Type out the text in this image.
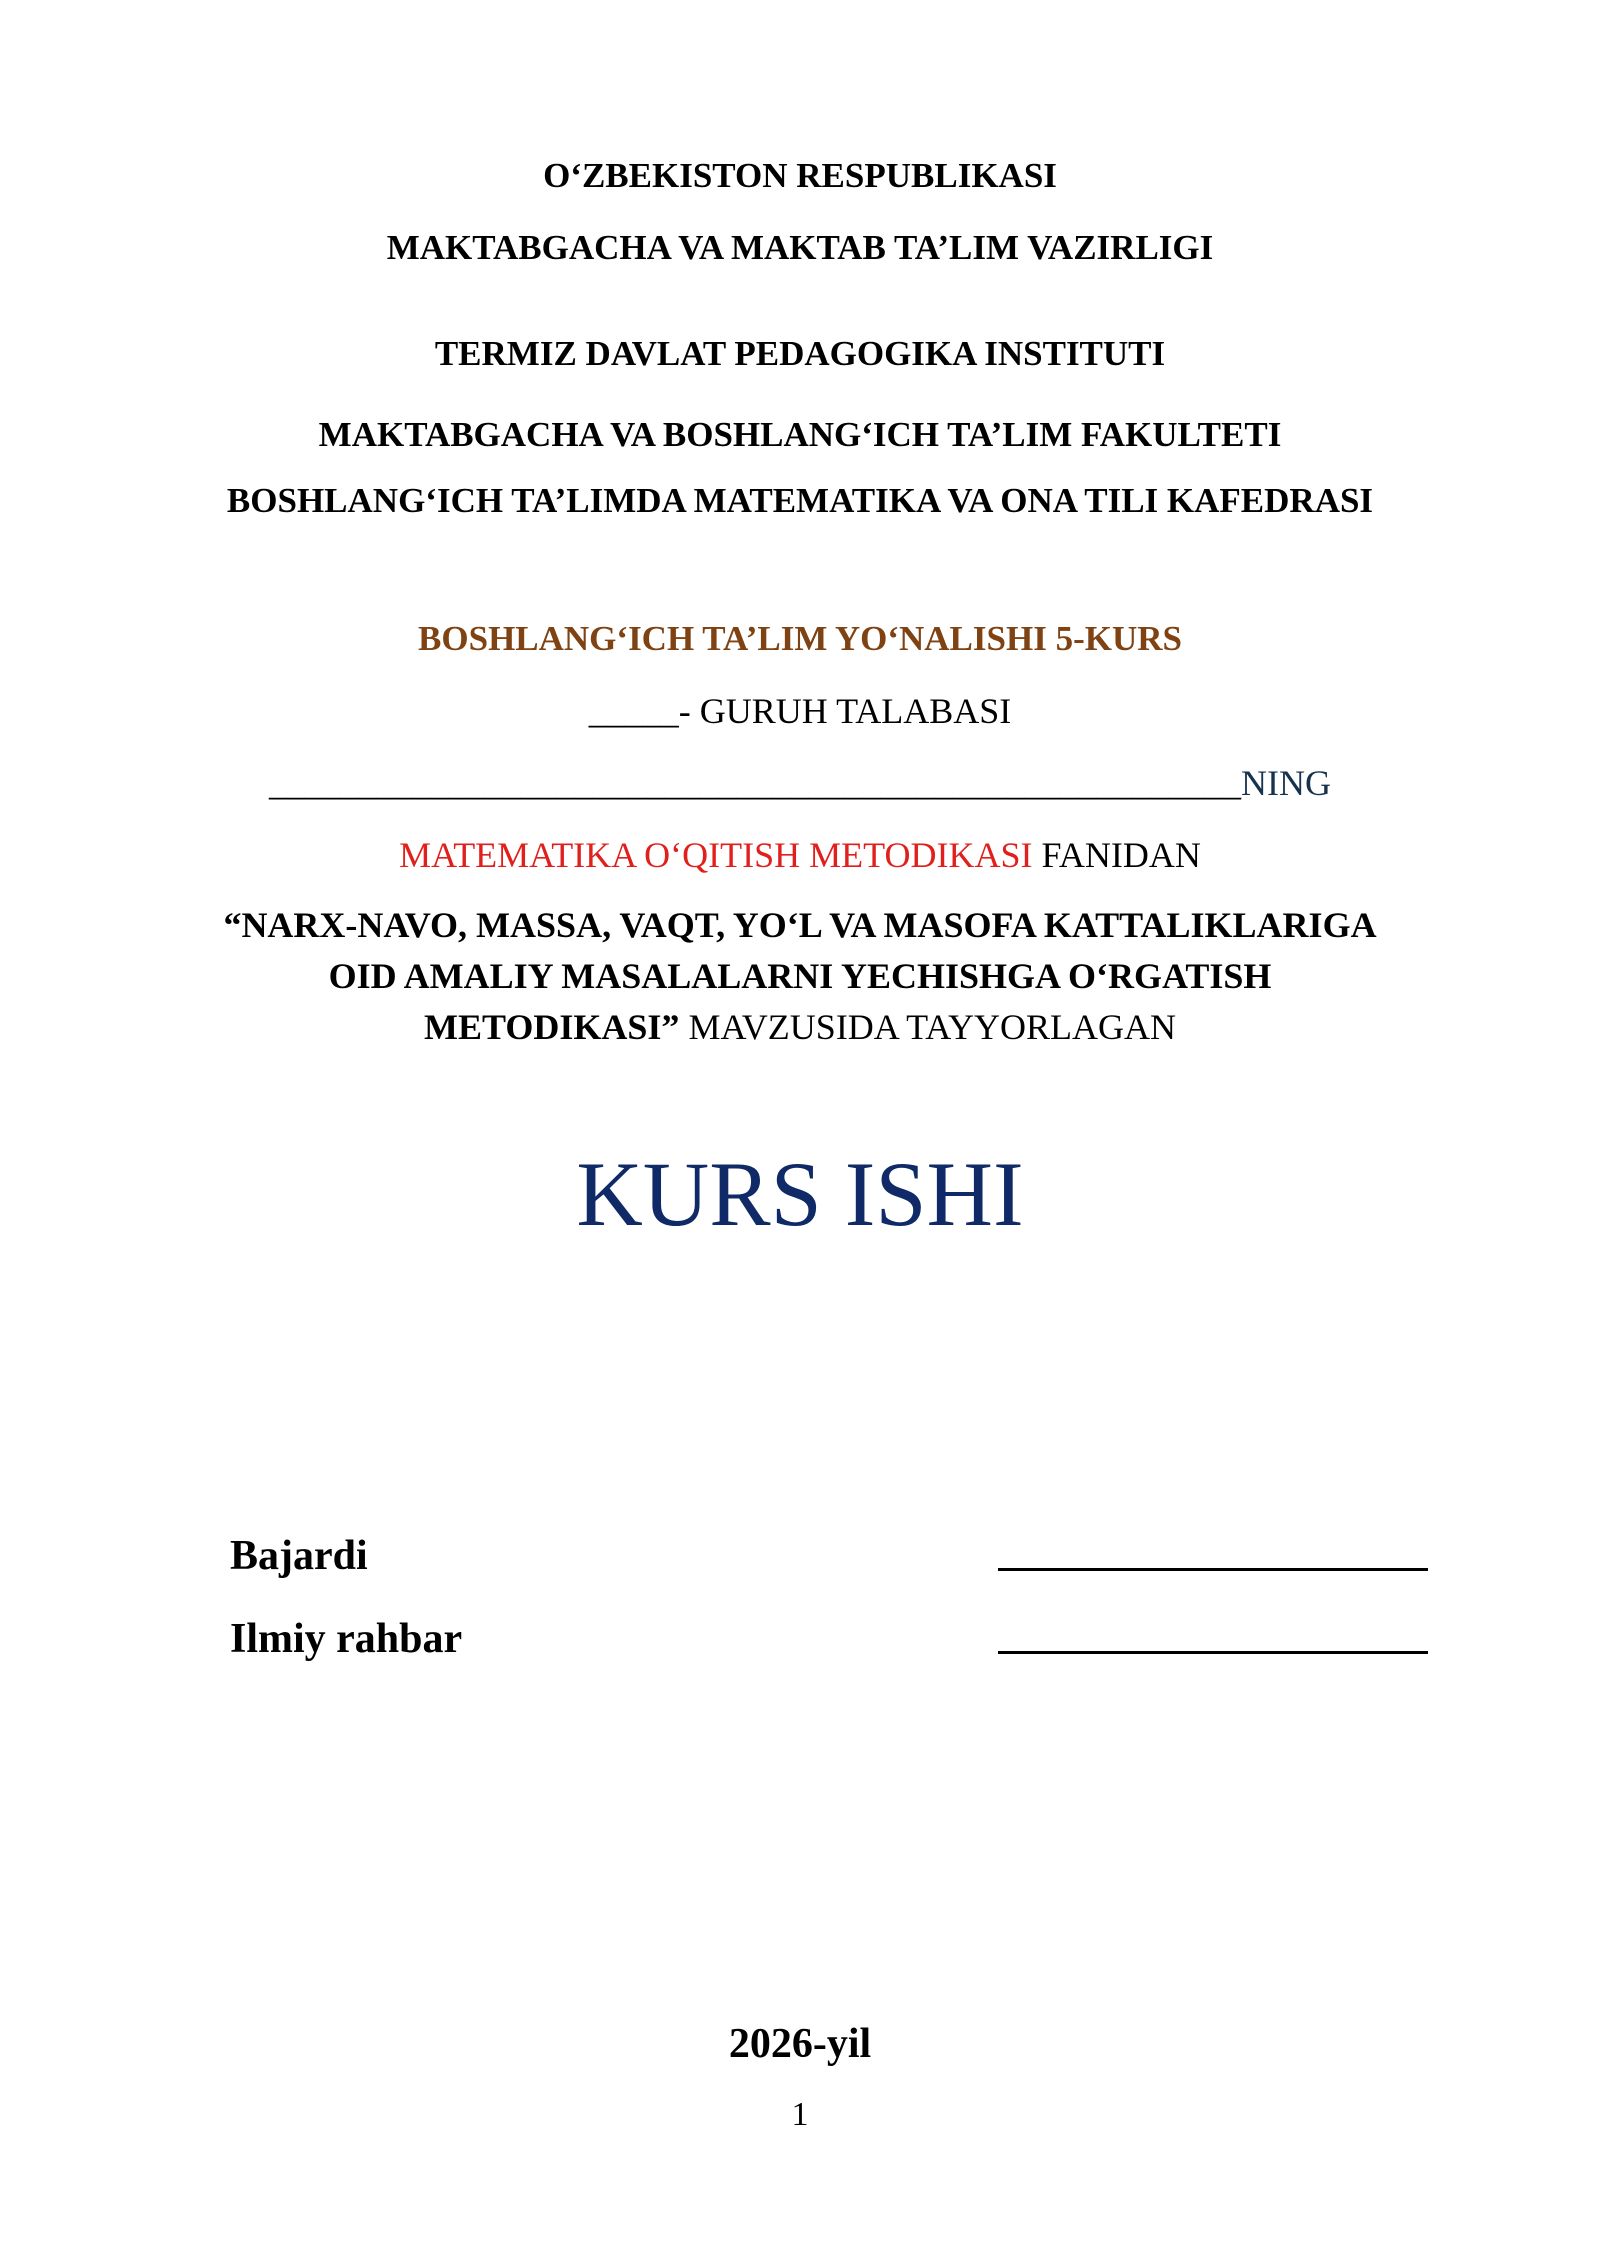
O‘ZBEKISTON RESPUBLIKASI
MAKTABGACHA VA MAKTAB TA’LIM VAZIRLIGI
TERMIZ DAVLAT PEDAGOGIKA INSTITUTI
MAKTABGACHA VA BOSHLANG‘ICH TA’LIM FAKULTETI
BOSHLANG‘ICH TA’LIMDA MATEMATIKA VA ONA TILI KAFEDRASI
BOSHLANG‘ICH TA’LIM YO‘NALISHI 5-KURS
_____- GURUH TALABASI
______________________________________________________NING
MATEMATIKA O‘QITISH METODIKASI FANIDAN
“NARX-NAVO, MASSA, VAQT, YO‘L VA MASOFA KATTALIKLARIGA
OID AMALIY MASALALARNI YECHISHGA O‘RGATISH
METODIKASI” MAVZUSIDA TAYYORLAGAN
KURS ISHI
Bajardi
Ilmiy rahbar
2026-yil
1
